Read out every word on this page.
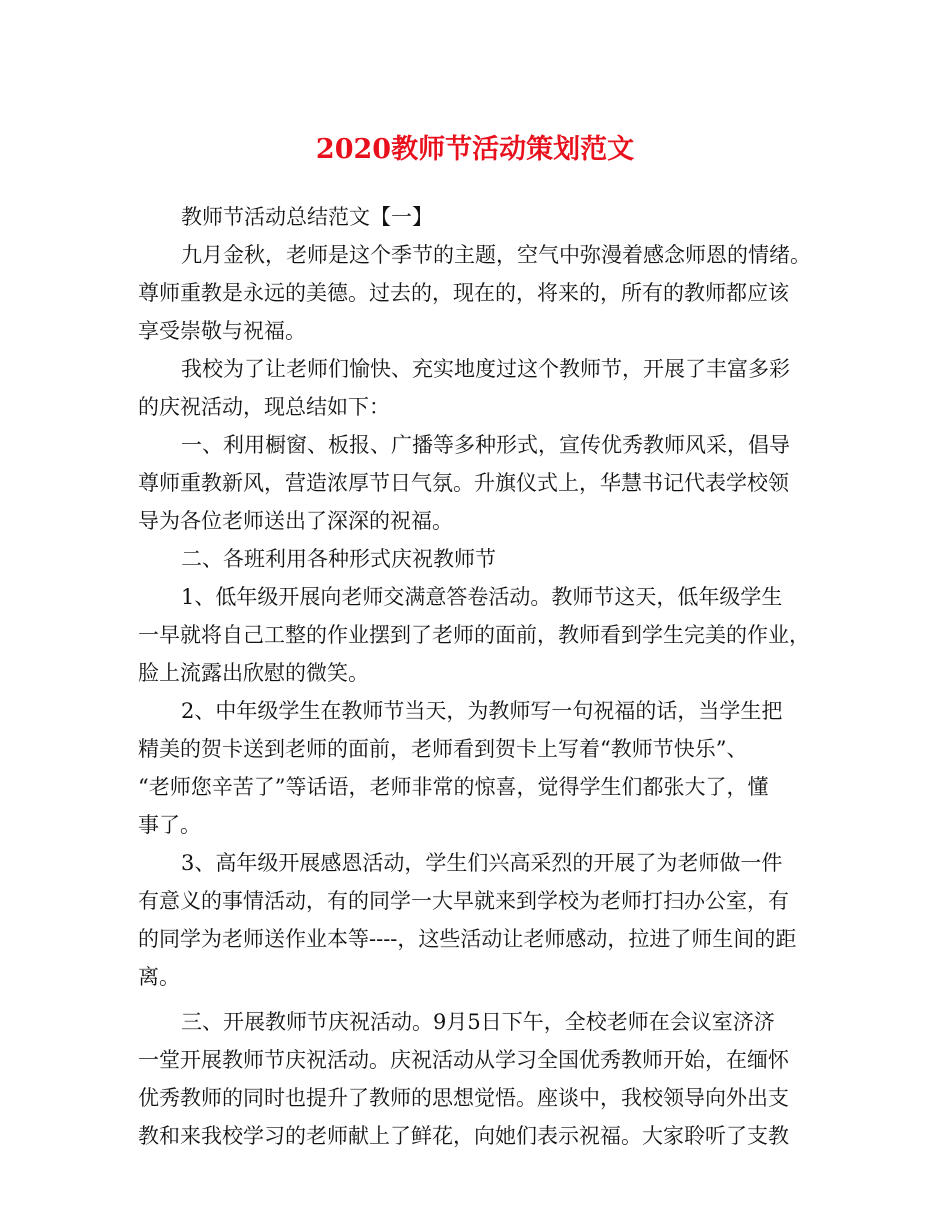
2020教师节活动策划范文
教师节活动总结范文【一】
九月金秋，老师是这个季节的主题，空气中弥漫着感念师恩的情绪。
尊师重教是永远的美德。过去的，现在的，将来的，所有的教师都应该
享受崇敬与祝福。
我校为了让老师们愉快、充实地度过这个教师节，开展了丰富多彩
的庆祝活动，现总结如下：
一、利用橱窗、板报、广播等多种形式，宣传优秀教师风采，倡导
尊师重教新风，营造浓厚节日气氛。升旗仪式上，华慧书记代表学校领
导为各位老师送出了深深的祝福。
二、各班利用各种形式庆祝教师节
1、低年级开展向老师交满意答卷活动。教师节这天，低年级学生
一早就将自己工整的作业摆到了老师的面前，教师看到学生完美的作业，
脸上流露出欣慰的微笑。
2、中年级学生在教师节当天，为教师写一句祝福的话，当学生把
精美的贺卡送到老师的面前，老师看到贺卡上写着“教师节快乐”、
“老师您辛苦了”等话语，老师非常的惊喜，觉得学生们都张大了，懂
事了。
3、高年级开展感恩活动，学生们兴高采烈的开展了为老师做一件
有意义的事情活动，有的同学一大早就来到学校为老师打扫办公室，有
的同学为老师送作业本等----，这些活动让老师感动，拉进了师生间的距
离。
三、开展教师节庆祝活动。9月5日下午，全校老师在会议室济济
一堂开展教师节庆祝活动。庆祝活动从学习全国优秀教师开始，在缅怀
优秀教师的同时也提升了教师的思想觉悟。座谈中，我校领导向外出支
教和来我校学习的老师献上了鲜花，向她们表示祝福。大家聆听了支教
